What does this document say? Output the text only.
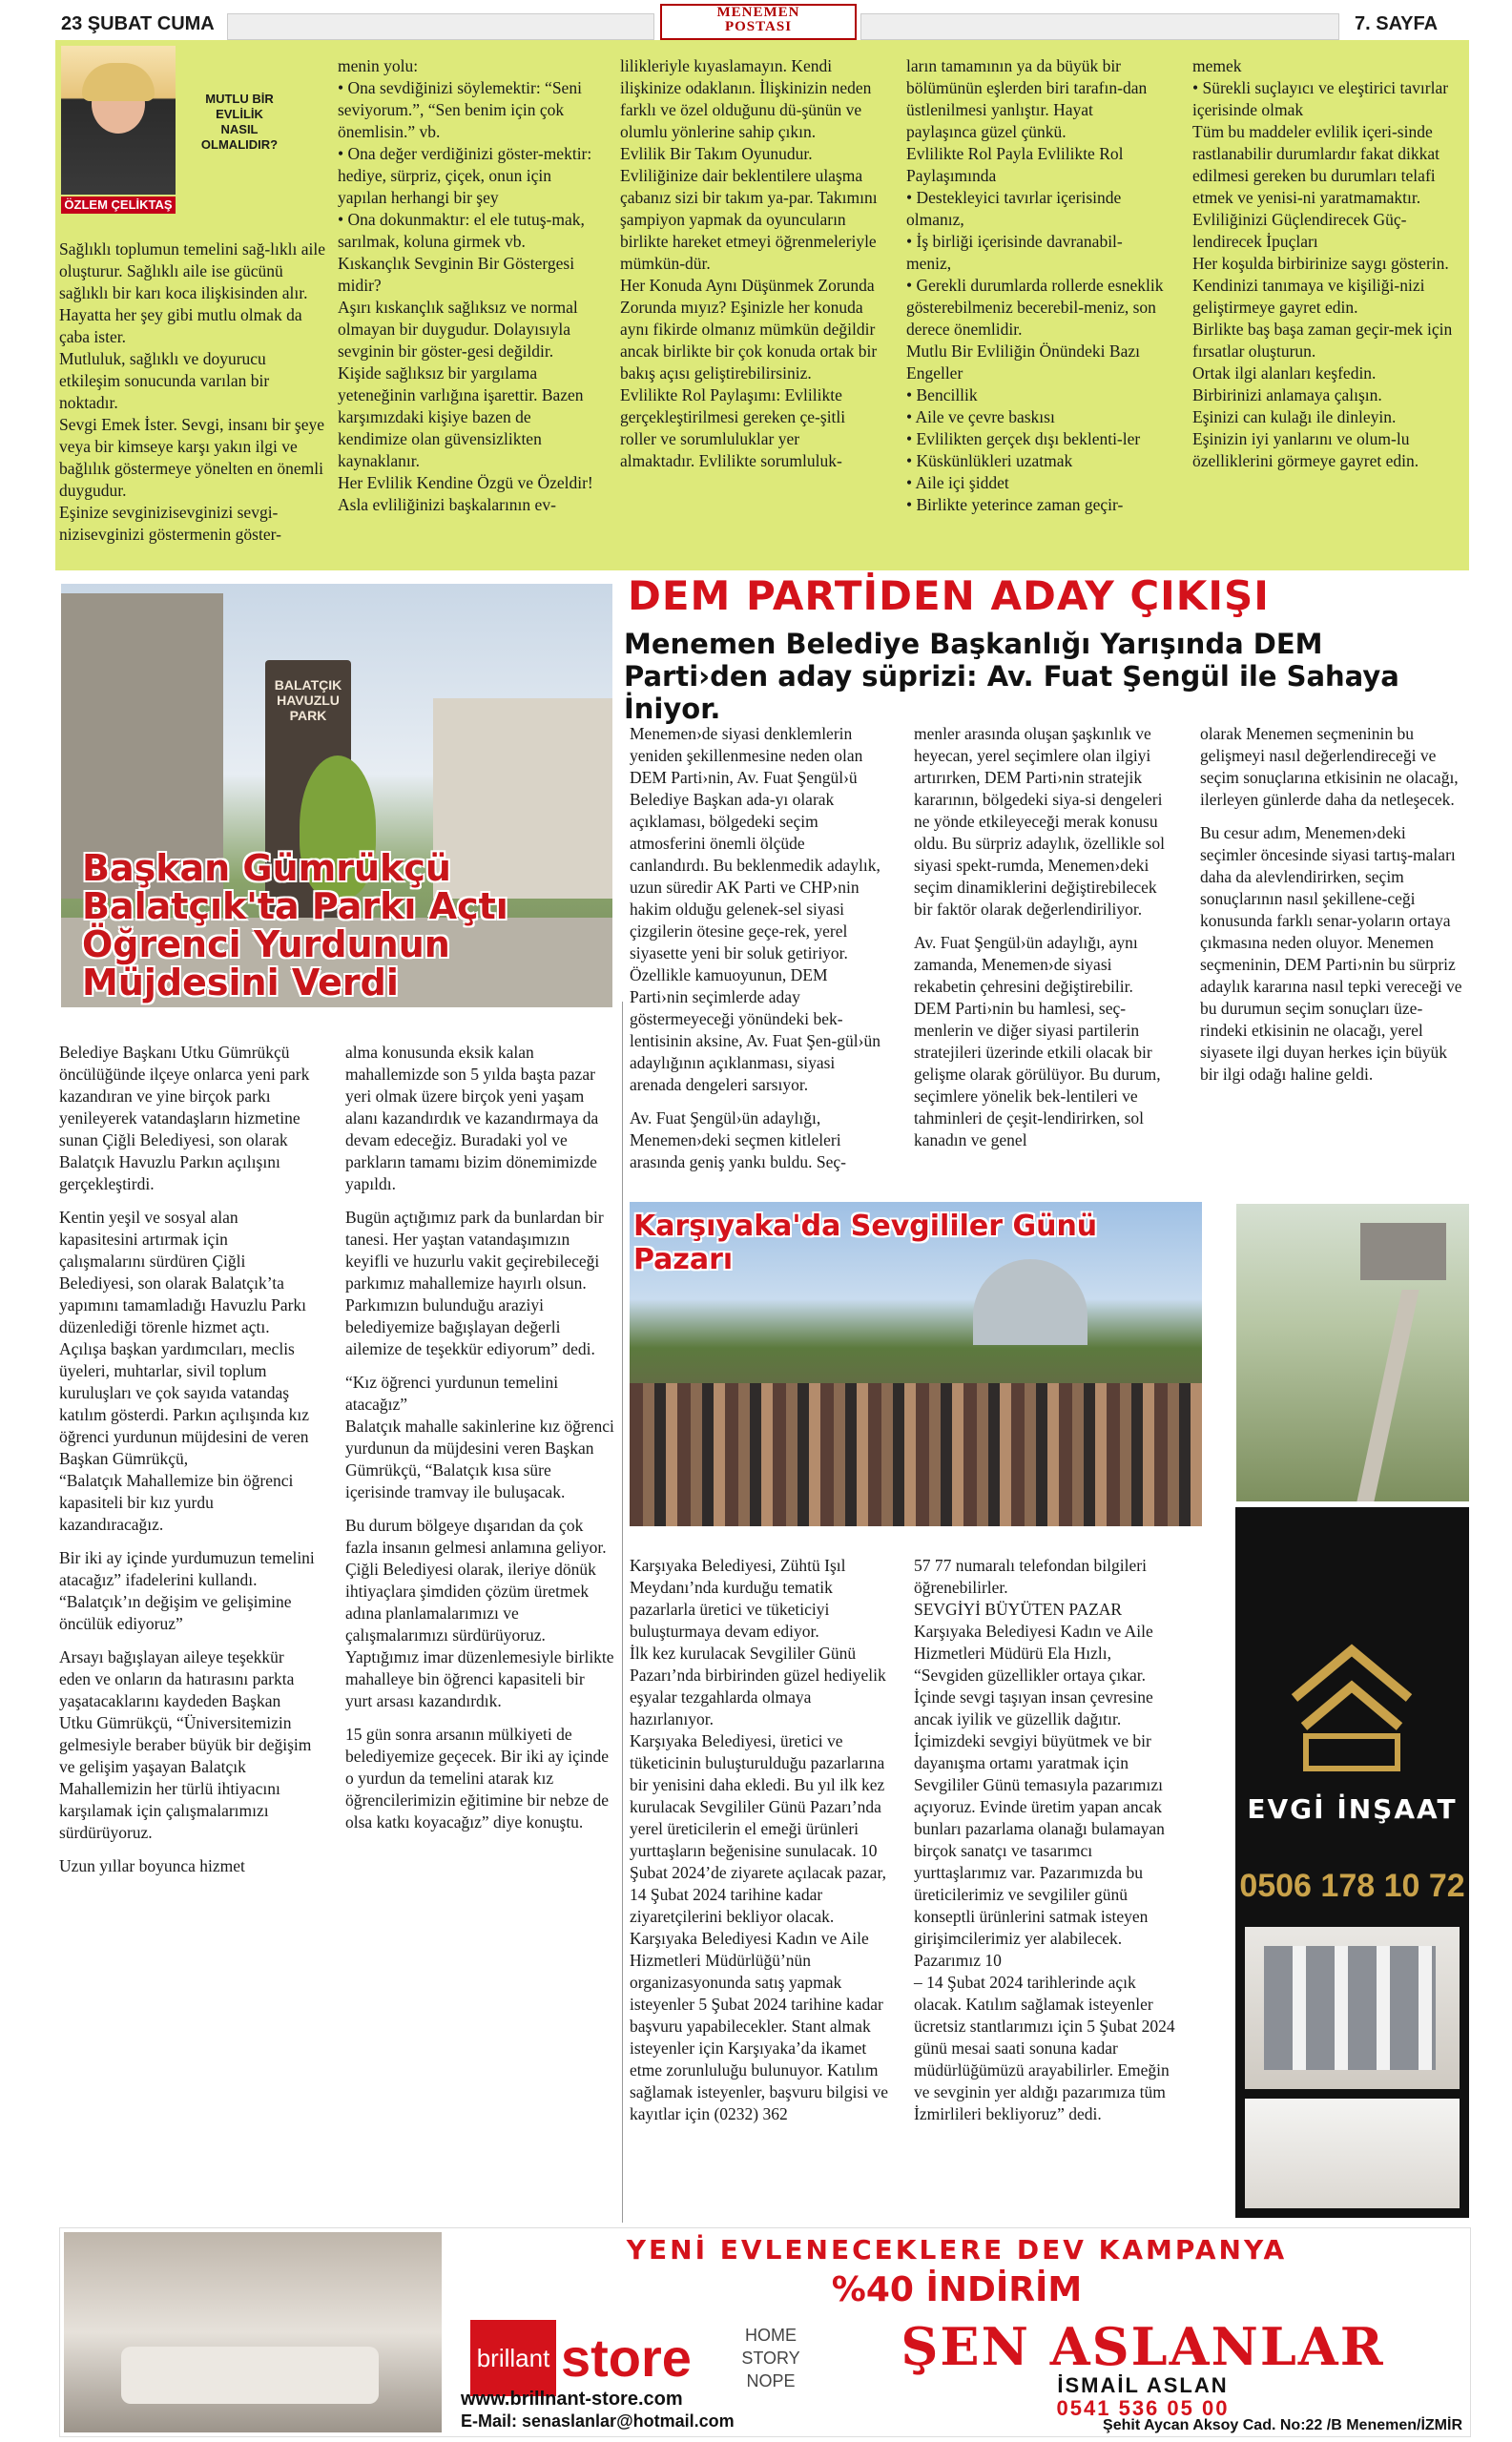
23 ŞUBAT CUMA
MENEMEN
POSTASI	7. SAYFA
ÖZLEM ÇELİKTAŞ
MUTLU BİR EVLİLİK NASIL OLMALIDIR?

Sağlıklı toplumun temelini sağ-lıklı aile oluşturur. Sağlıklı aile ise gücünü sağlıklı bir karı koca ilişkisinden alır. Hayatta her şey gibi mutlu olmak da çaba ister.

Mutluluk, sağlıklı ve doyurucu etkileşim sonucunda varılan bir noktadır.

Sevgi Emek İster. Sevgi, insanı bir şeye veya bir kimseye karşı yakın ilgi ve bağlılık göstermeye yönelten en önemli duygudur.

Eşinize sevginizisevginizi sevgi-nizisevginizi göstermenin göster-

menin yolu:

• Ona sevdiğinizi söylemektir: “Seni seviyorum.”, “Sen benim için çok önemlisin.” vb.

• Ona değer verdiğinizi göster-mektir: hediye, sürpriz, çiçek, onun için yapılan herhangi bir şey

• Ona dokunmaktır: el ele tutuş-mak, sarılmak, koluna girmek vb.

Kıskançlık Sevginin Bir Göstergesi midir?

Aşırı kıskançlık sağlıksız ve normal olmayan bir duygudur. Dolayısıyla sevginin bir göster-gesi değildir. Kişide sağlıksız bir yargılama yeteneğinin varlığına işarettir. Bazen karşımızdaki kişiye bazen de kendimize olan güvensizlikten kaynaklanır.

Her Evlilik Kendine Özgü ve Özeldir!

Asla evliliğinizi başkalarının ev-

lilikleriyle kıyaslamayın. Kendi ilişkinize odaklanın. İlişkinizin neden farklı ve özel olduğunu dü-şünün ve olumlu yönlerine sahip çıkın.

Evlilik Bir Takım Oyunudur.

Evliliğinize dair beklentilere ulaşma çabanız sizi bir takım ya-par. Takımını şampiyon yapmak da oyuncuların birlikte hareket etmeyi öğrenmeleriyle mümkün-dür.

Her Konuda Aynı Düşünmek Zorunda Zorunda mıyız? Eşinizle her konuda aynı fikirde olmanız mümkün değildir ancak birlikte bir çok konuda ortak bir bakış açısı geliştirebilirsiniz.

Evlilikte Rol Paylaşımı: Evlilikte gerçekleştirilmesi gereken çe-şitli roller ve sorumluluklar yer almaktadır. Evlilikte sorumluluk-

ların tamamının ya da büyük bir bölümünün eşlerden biri tarafın-dan üstlenilmesi yanlıştır. Hayat paylaşınca güzel çünkü.

Evlilikte Rol Payla Evlilikte Rol Paylaşımında

• Destekleyici tavırlar içerisinde olmanız,

• İş birliği içerisinde davranabil-meniz,

• Gerekli durumlarda rollerde esneklik gösterebilmeniz becerebil-meniz, son derece önemlidir.

Mutlu Bir Evliliğin Önündeki Bazı Engeller

• Bencillik

• Aile ve çevre baskısı

• Evlilikten gerçek dışı beklenti-ler

• Küskünlükleri uzatmak

• Aile içi şiddet

• Birlikte yeterince zaman geçir-

memek

• Sürekli suçlayıcı ve eleştirici tavırlar içerisinde olmak

Tüm bu maddeler evlilik içeri-sinde rastlanabilir durumlardır fakat dikkat edilmesi gereken bu durumları telafi etmek ve yenisi-ni yaratmamaktır.

Evliliğinizi Güçlendirecek Güç-lendirecek İpuçları

Her koşulda birbirinize saygı gösterin.

Kendinizi tanımaya ve kişiliği-nizi geliştirmeye gayret edin.

Birlikte baş başa zaman geçir-mek için fırsatlar oluşturun.

Ortak ilgi alanları keşfedin.

Birbirinizi anlamaya çalışın.

Eşinizi can kulağı ile dinleyin.

Eşinizin iyi yanlarını ve olum-lu özelliklerini görmeye gayret edin.

BALATÇIK HAVUZLU PARK
Başkan Gümrükçü Balatçık'ta Parkı Açtı Öğrenci Yurdunun Müjdesini Verdi
DEM PARTİDEN ADAY ÇIKIŞI
Menemen Belediye Başkanlığı Yarışında DEM Parti›den aday süprizi: Av. Fuat Şengül ile Sahaya İniyor.

Menemen›de siyasi denklemlerin yeniden şekillenmesine neden olan DEM Parti›nin, Av. Fuat Şengül›ü Belediye Başkan ada-yı olarak açıklaması, bölgedeki seçim atmosferini önemli ölçüde canlandırdı. Bu beklenmedik adaylık, uzun süredir AK Parti ve CHP›nin hakim olduğu gelenek-sel siyasi çizgilerin ötesine geçe-rek, yerel siyasette yeni bir soluk getiriyor. Özellikle kamuoyunun, DEM Parti›nin seçimlerde aday göstermeyeceği yönündeki bek-lentisinin aksine, Av. Fuat Şen-gül›ün adaylığının açıklanması, siyasi arenada dengeleri sarsıyor.

Av. Fuat Şengül›ün adaylığı, Menemen›deki seçmen kitleleri arasında geniş yankı buldu. Seç-

menler arasında oluşan şaşkınlık ve heyecan, yerel seçimlere olan ilgiyi artırırken, DEM Parti›nin stratejik kararının, bölgedeki siya-si dengeleri ne yönde etkileyeceği merak konusu oldu. Bu sürpriz adaylık, özellikle sol siyasi spekt-rumda, Menemen›deki seçim dinamiklerini değiştirebilecek bir faktör olarak değerlendiriliyor.

Av. Fuat Şengül›ün adaylığı, aynı zamanda, Menemen›de siyasi rekabetin çehresini değiştirebilir. DEM Parti›nin bu hamlesi, seç-menlerin ve diğer siyasi partilerin stratejileri üzerinde etkili olacak bir gelişme olarak görülüyor. Bu durum, seçimlere yönelik bek-lentileri ve tahminleri de çeşit-lendirirken, sol kanadın ve genel

olarak Menemen seçmeninin bu gelişmeyi nasıl değerlendireceği ve seçim sonuçlarına etkisinin ne olacağı, ilerleyen günlerde daha da netleşecek.

Bu cesur adım, Menemen›deki seçimler öncesinde siyasi tartış-maları daha da alevlendirirken, seçim sonuçlarının nasıl şekillene-ceği konusunda farklı senar-yoların ortaya çıkmasına neden oluyor. Menemen seçmeninin, DEM Parti›nin bu sürpriz adaylık kararına nasıl tepki vereceği ve bu durumun seçim sonuçları üze-rindeki etkisinin ne olacağı, yerel siyasete ilgi duyan herkes için büyük bir ilgi odağı haline geldi.

Belediye Başkanı Utku Gümrükçü öncülüğünde ilçeye onlarca yeni park kazandıran ve yine birçok parkı yenileyerek vatandaşların hizmetine sunan Çiğli Belediyesi, son olarak Balatçık Havuzlu Parkın açılışını gerçekleştirdi.

Kentin yeşil ve sosyal alan kapasitesini artırmak için çalışmalarını sürdüren Çiğli Belediyesi, son olarak Balatçık’ta yapımını tamamladığı Havuzlu Parkı düzenlediği törenle hizmet açtı. Açılışa başkan yardımcıları, meclis üyeleri, muhtarlar, sivil toplum kuruluşları ve çok sayıda vatandaş katılım gösterdi. Parkın açılışında kız öğrenci yurdunun müjdesini de veren Başkan Gümrükçü,

“Balatçık Mahallemize bin öğrenci kapasiteli bir kız yurdu kazandıracağız.

Bir iki ay içinde yurdumuzun temelini atacağız” ifadelerini kullandı.

“Balatçık’ın değişim ve gelişimine öncülük ediyoruz”

Arsayı bağışlayan aileye teşekkür eden ve onların da hatırasını parkta yaşatacaklarını kaydeden Başkan Utku Gümrükçü, “Üniversitemizin gelmesiyle beraber büyük bir değişim ve gelişim yaşayan Balatçık Mahallemizin her türlü ihtiyacını karşılamak için çalışmalarımızı sürdürüyoruz.

Uzun yıllar boyunca hizmet

alma konusunda eksik kalan mahallemizde son 5 yılda başta pazar yeri olmak üzere birçok yeni yaşam alanı kazandırdık ve kazandırmaya da devam edeceğiz. Buradaki yol ve parkların tamamı bizim dönemimizde yapıldı.

Bugün açtığımız park da bunlardan bir tanesi. Her yaştan vatandaşımızın keyifli ve huzurlu vakit geçirebileceği parkımız mahallemize hayırlı olsun. Parkımızın bulunduğu araziyi belediyemize bağışlayan değerli ailemize de teşekkür ediyorum” dedi.

“Kız öğrenci yurdunun temelini atacağız”

Balatçık mahalle sakinlerine kız öğrenci yurdunun da müjdesini veren Başkan Gümrükçü, “Balatçık kısa süre içerisinde tramvay ile buluşacak.

Bu durum bölgeye dışarıdan da çok fazla insanın gelmesi anlamına geliyor. Çiğli Belediyesi olarak, ileriye dönük ihtiyaçlara şimdiden çözüm üretmek adına planlamalarımızı ve çalışmalarımızı sürdürüyoruz. Yaptığımız imar düzenlemesiyle birlikte mahalleye bin öğrenci kapasiteli bir yurt arsası kazandırdık.

15 gün sonra arsanın mülkiyeti de belediyemize geçecek. Bir iki ay içinde o yurdun da temelini atarak kız öğrencilerimizin eğitimine bir nebze de olsa katkı koyacağız” diye konuştu.

Karşıyaka'da Sevgililer Günü Pazarı

Karşıyaka Belediyesi, Zühtü Işıl Meydanı’nda kurduğu tematik pazarlarla üretici ve tüketiciyi buluşturmaya devam ediyor.

İlk kez kurulacak Sevgililer Günü Pazarı’nda birbirinden güzel hediyelik eşyalar tezgahlarda olmaya hazırlanıyor.

Karşıyaka Belediyesi, üretici ve tüketicinin buluşturulduğu pazarlarına bir yenisini daha ekledi. Bu yıl ilk kez kurulacak Sevgililer Günü Pazarı’nda yerel üreticilerin el emeği ürünleri yurttaşların beğenisine sunulacak. 10 Şubat 2024’de ziyarete açılacak pazar, 14 Şubat 2024 tarihine kadar ziyaretçilerini bekliyor olacak.

Karşıyaka Belediyesi Kadın ve Aile Hizmetleri Müdürlüğü’nün organizasyonunda satış yapmak isteyenler 5 Şubat 2024 tarihine kadar başvuru yapabilecekler. Stant almak isteyenler için Karşıyaka’da ikamet etme zorunluluğu bulunuyor. Katılım sağlamak isteyenler, başvuru bilgisi ve kayıtlar için (0232) 362

57 77 numaralı telefondan bilgileri öğrenebilirler.

SEVGİYİ BÜYÜTEN PAZAR

Karşıyaka Belediyesi Kadın ve Aile Hizmetleri Müdürü Ela Hızlı, “Sevgiden güzellikler ortaya çıkar. İçinde sevgi taşıyan insan çevresine ancak iyilik ve güzellik dağıtır. İçimizdeki sevgiyi büyütmek ve bir dayanışma ortamı yaratmak için Sevgililer Günü temasıyla pazarımızı açıyoruz. Evinde üretim yapan ancak bunları pazarlama olanağı bulamayan birçok sanatçı ve tasarımcı yurttaşlarımız var. Pazarımızda bu üreticilerimiz ve sevgililer günü konseptli ürünlerini satmak isteyen girişimcilerimiz yer alabilecek. Pazarımız 10

– 14 Şubat 2024 tarihlerinde açık olacak. Katılım sağlamak isteyenler ücretsiz stantlarımızı için 5 Şubat 2024 günü mesai saati sonuna kadar müdürlüğümüzü arayabilirler. Emeğin ve sevginin yer aldığı pazarımıza tüm İzmirlileri bekliyoruz” dedi.

EVGİ İNŞAAT
0506 178 10 72
YENİ EVLENECEKLERE DEV KAMPANYA
%40 İNDİRİM
brillant store	HOME
STORY
NOPE
ŞEN ASLANLAR
İSMAİL ASLAN
0541 536 05 00
www.brillnant-store.com
E-Mail: senaslanlar@hotmail.com	Şehit Aycan Aksoy Cad. No:22 /B Menemen/İZMİR
